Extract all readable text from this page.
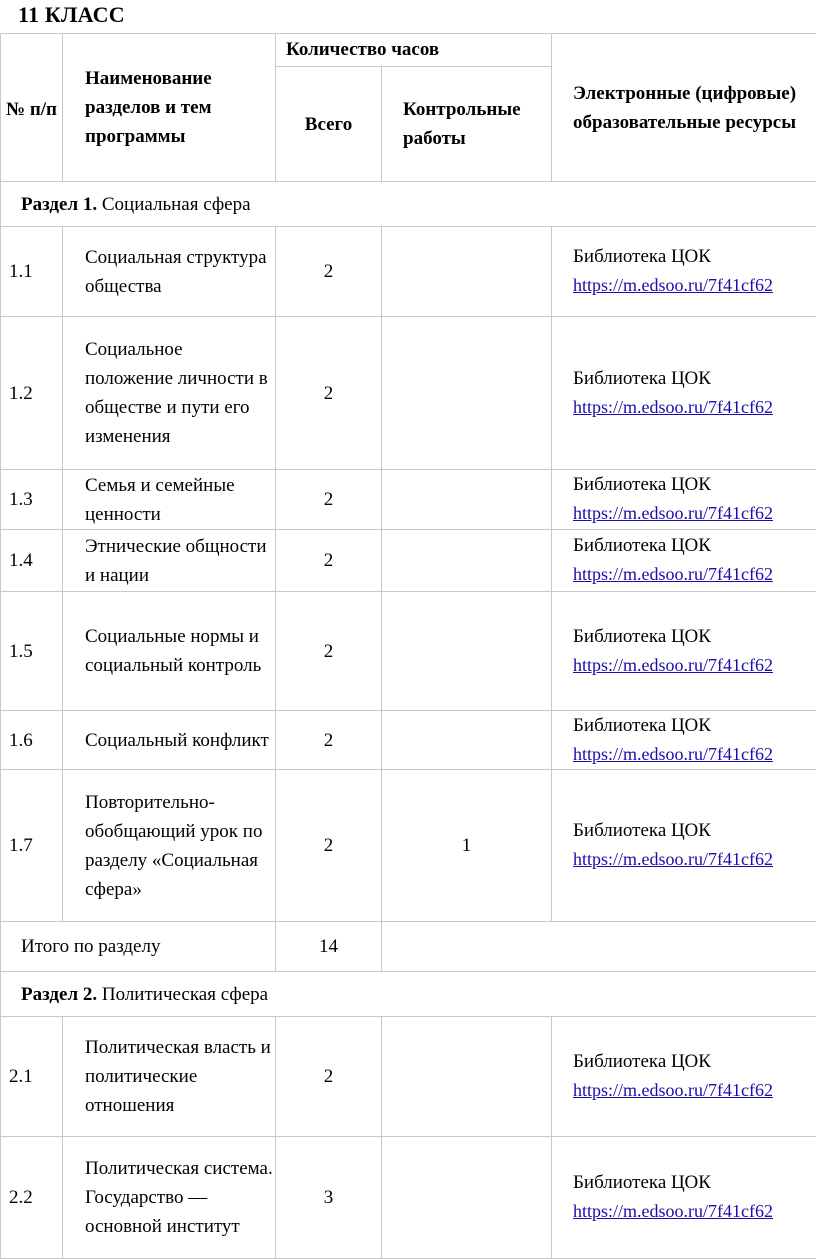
11 КЛАСС
№ п/п	Наименование разделов и тем программы	Количество часов		Электронные (цифровые) образовательные ресурсы
		Всего	Контрольные работы	
Раздел 1. Социальная сфера				
1.1	Социальная структура общества	2		Библиотека ЦОК
https://m.edsoo.ru/7f41cf62
1.2	Социальное положение личности в обществе и пути его изменения	2		Библиотека ЦОК
https://m.edsoo.ru/7f41cf62
1.3	Семья и семейные ценности	2		Библиотека ЦОК
https://m.edsoo.ru/7f41cf62
1.4	Этнические общности и нации	2		Библиотека ЦОК
https://m.edsoo.ru/7f41cf62
1.5	Социальные нормы и социальный контроль	2		Библиотека ЦОК
https://m.edsoo.ru/7f41cf62
1.6	Социальный конфликт	2		Библиотека ЦОК
https://m.edsoo.ru/7f41cf62
1.7	Повторительно-обобщающий урок по разделу «Социальная сфера»	2	1	Библиотека ЦОК
https://m.edsoo.ru/7f41cf62
Итого по разделу		14		
Раздел 2. Политическая сфера				
2.1	Политическая власть и политические отношения	2		Библиотека ЦОК
https://m.edsoo.ru/7f41cf62
2.2	Политическая система. Государство — основной институт	3		Библиотека ЦОК
https://m.edsoo.ru/7f41cf62
